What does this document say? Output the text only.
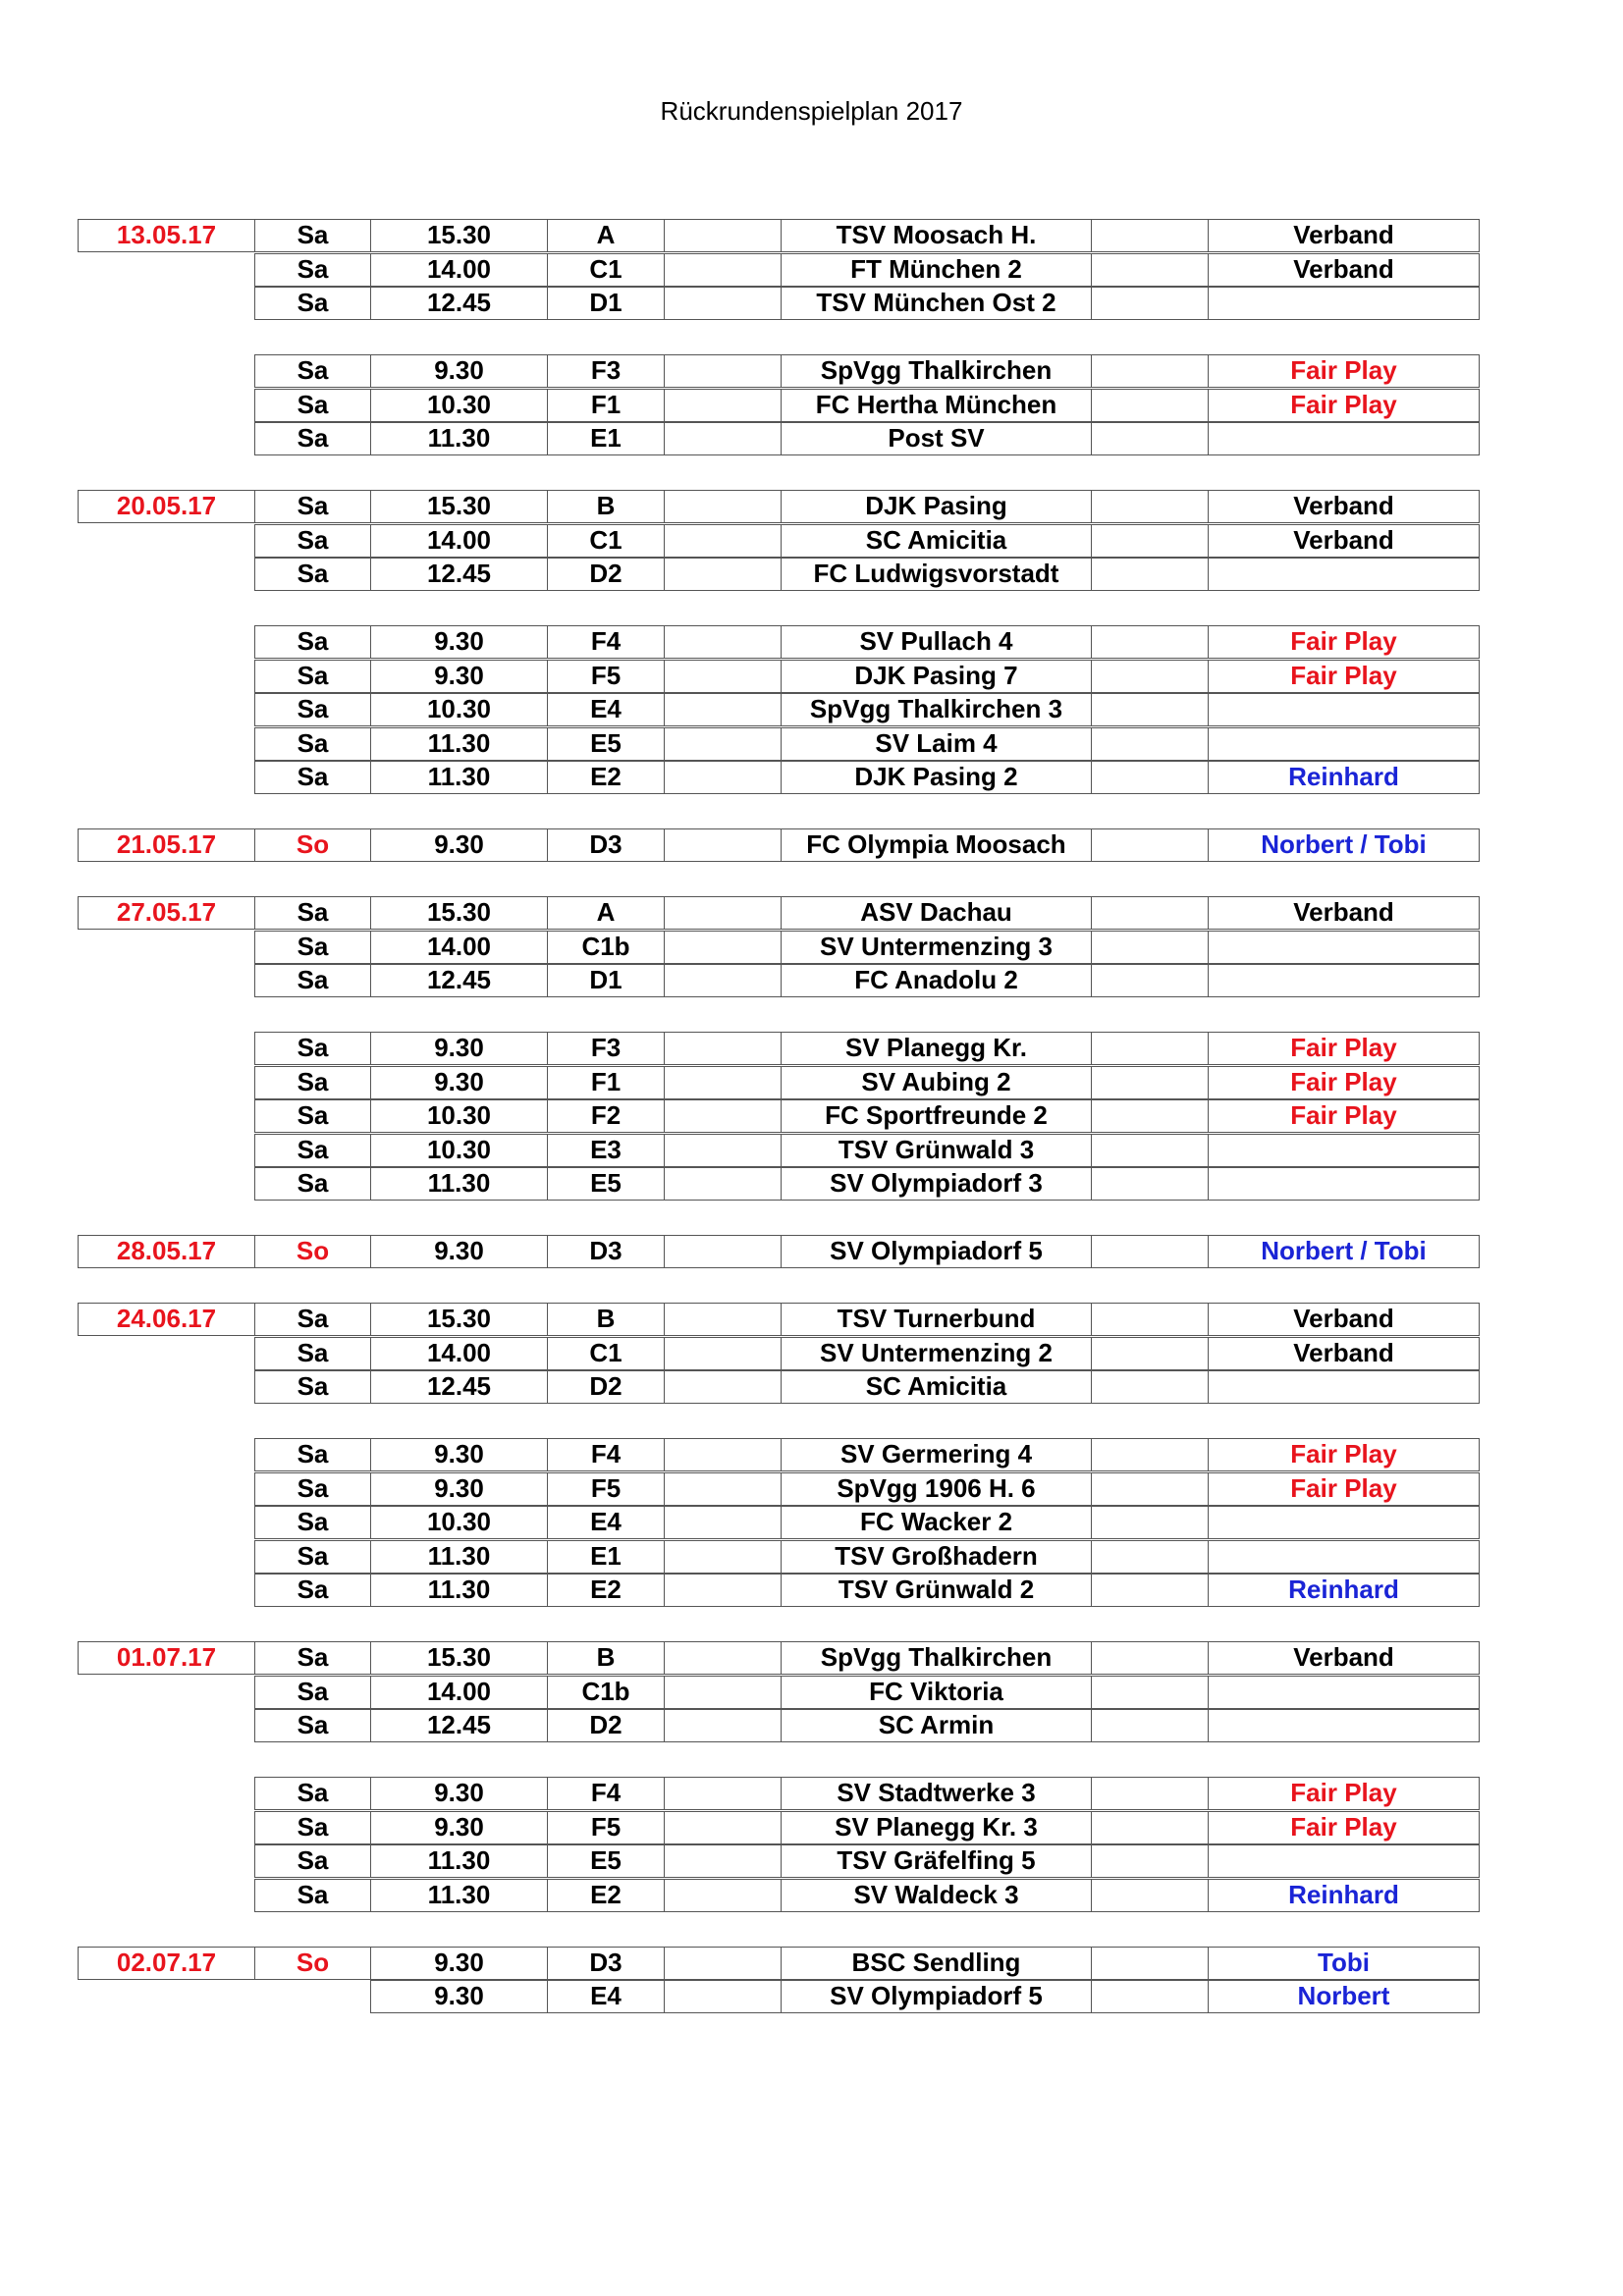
Rückrundenspielplan 2017
13.05.17	Sa	15.30	A	TSV Moosach H.	Verband
Sa	14.00	C1	FT München 2	Verband
Sa	12.45	D1	TSV München Ost 2
Sa	9.30	F3	SpVgg Thalkirchen	Fair Play
Sa	10.30	F1	FC Hertha München	Fair Play
Sa	11.30	E1	Post SV
20.05.17	Sa	15.30	B	DJK Pasing	Verband
Sa	14.00	C1	SC Amicitia	Verband
Sa	12.45	D2	FC Ludwigsvorstadt
Sa	9.30	F4	SV Pullach 4	Fair Play
Sa	9.30	F5	DJK Pasing 7	Fair Play
Sa	10.30	E4	SpVgg Thalkirchen 3
Sa	11.30	E5	SV Laim 4
Sa	11.30	E2	DJK Pasing 2	Reinhard
21.05.17	So	9.30	D3	FC Olympia Moosach	Norbert / Tobi
27.05.17	Sa	15.30	A	ASV Dachau	Verband
Sa	14.00	C1b	SV Untermenzing 3
Sa	12.45	D1	FC Anadolu 2
Sa	9.30	F3	SV Planegg Kr.	Fair Play
Sa	9.30	F1	SV Aubing 2	Fair Play
Sa	10.30	F2	FC Sportfreunde 2	Fair Play
Sa	10.30	E3	TSV Grünwald 3
Sa	11.30	E5	SV Olympiadorf 3
28.05.17	So	9.30	D3	SV Olympiadorf 5	Norbert / Tobi
24.06.17	Sa	15.30	B	TSV Turnerbund	Verband
Sa	14.00	C1	SV Untermenzing 2	Verband
Sa	12.45	D2	SC Amicitia
Sa	9.30	F4	SV Germering 4	Fair Play
Sa	9.30	F5	SpVgg 1906 H. 6	Fair Play
Sa	10.30	E4	FC Wacker 2
Sa	11.30	E1	TSV Großhadern
Sa	11.30	E2	TSV Grünwald 2	Reinhard
01.07.17	Sa	15.30	B	SpVgg Thalkirchen	Verband
Sa	14.00	C1b	FC Viktoria
Sa	12.45	D2	SC Armin
Sa	9.30	F4	SV Stadtwerke 3	Fair Play
Sa	9.30	F5	SV Planegg Kr. 3	Fair Play
Sa	11.30	E5	TSV Gräfelfing 5
Sa	11.30	E2	SV Waldeck 3	Reinhard
02.07.17	So	9.30	D3	BSC Sendling	Tobi
9.30	E4	SV Olympiadorf 5	Norbert
